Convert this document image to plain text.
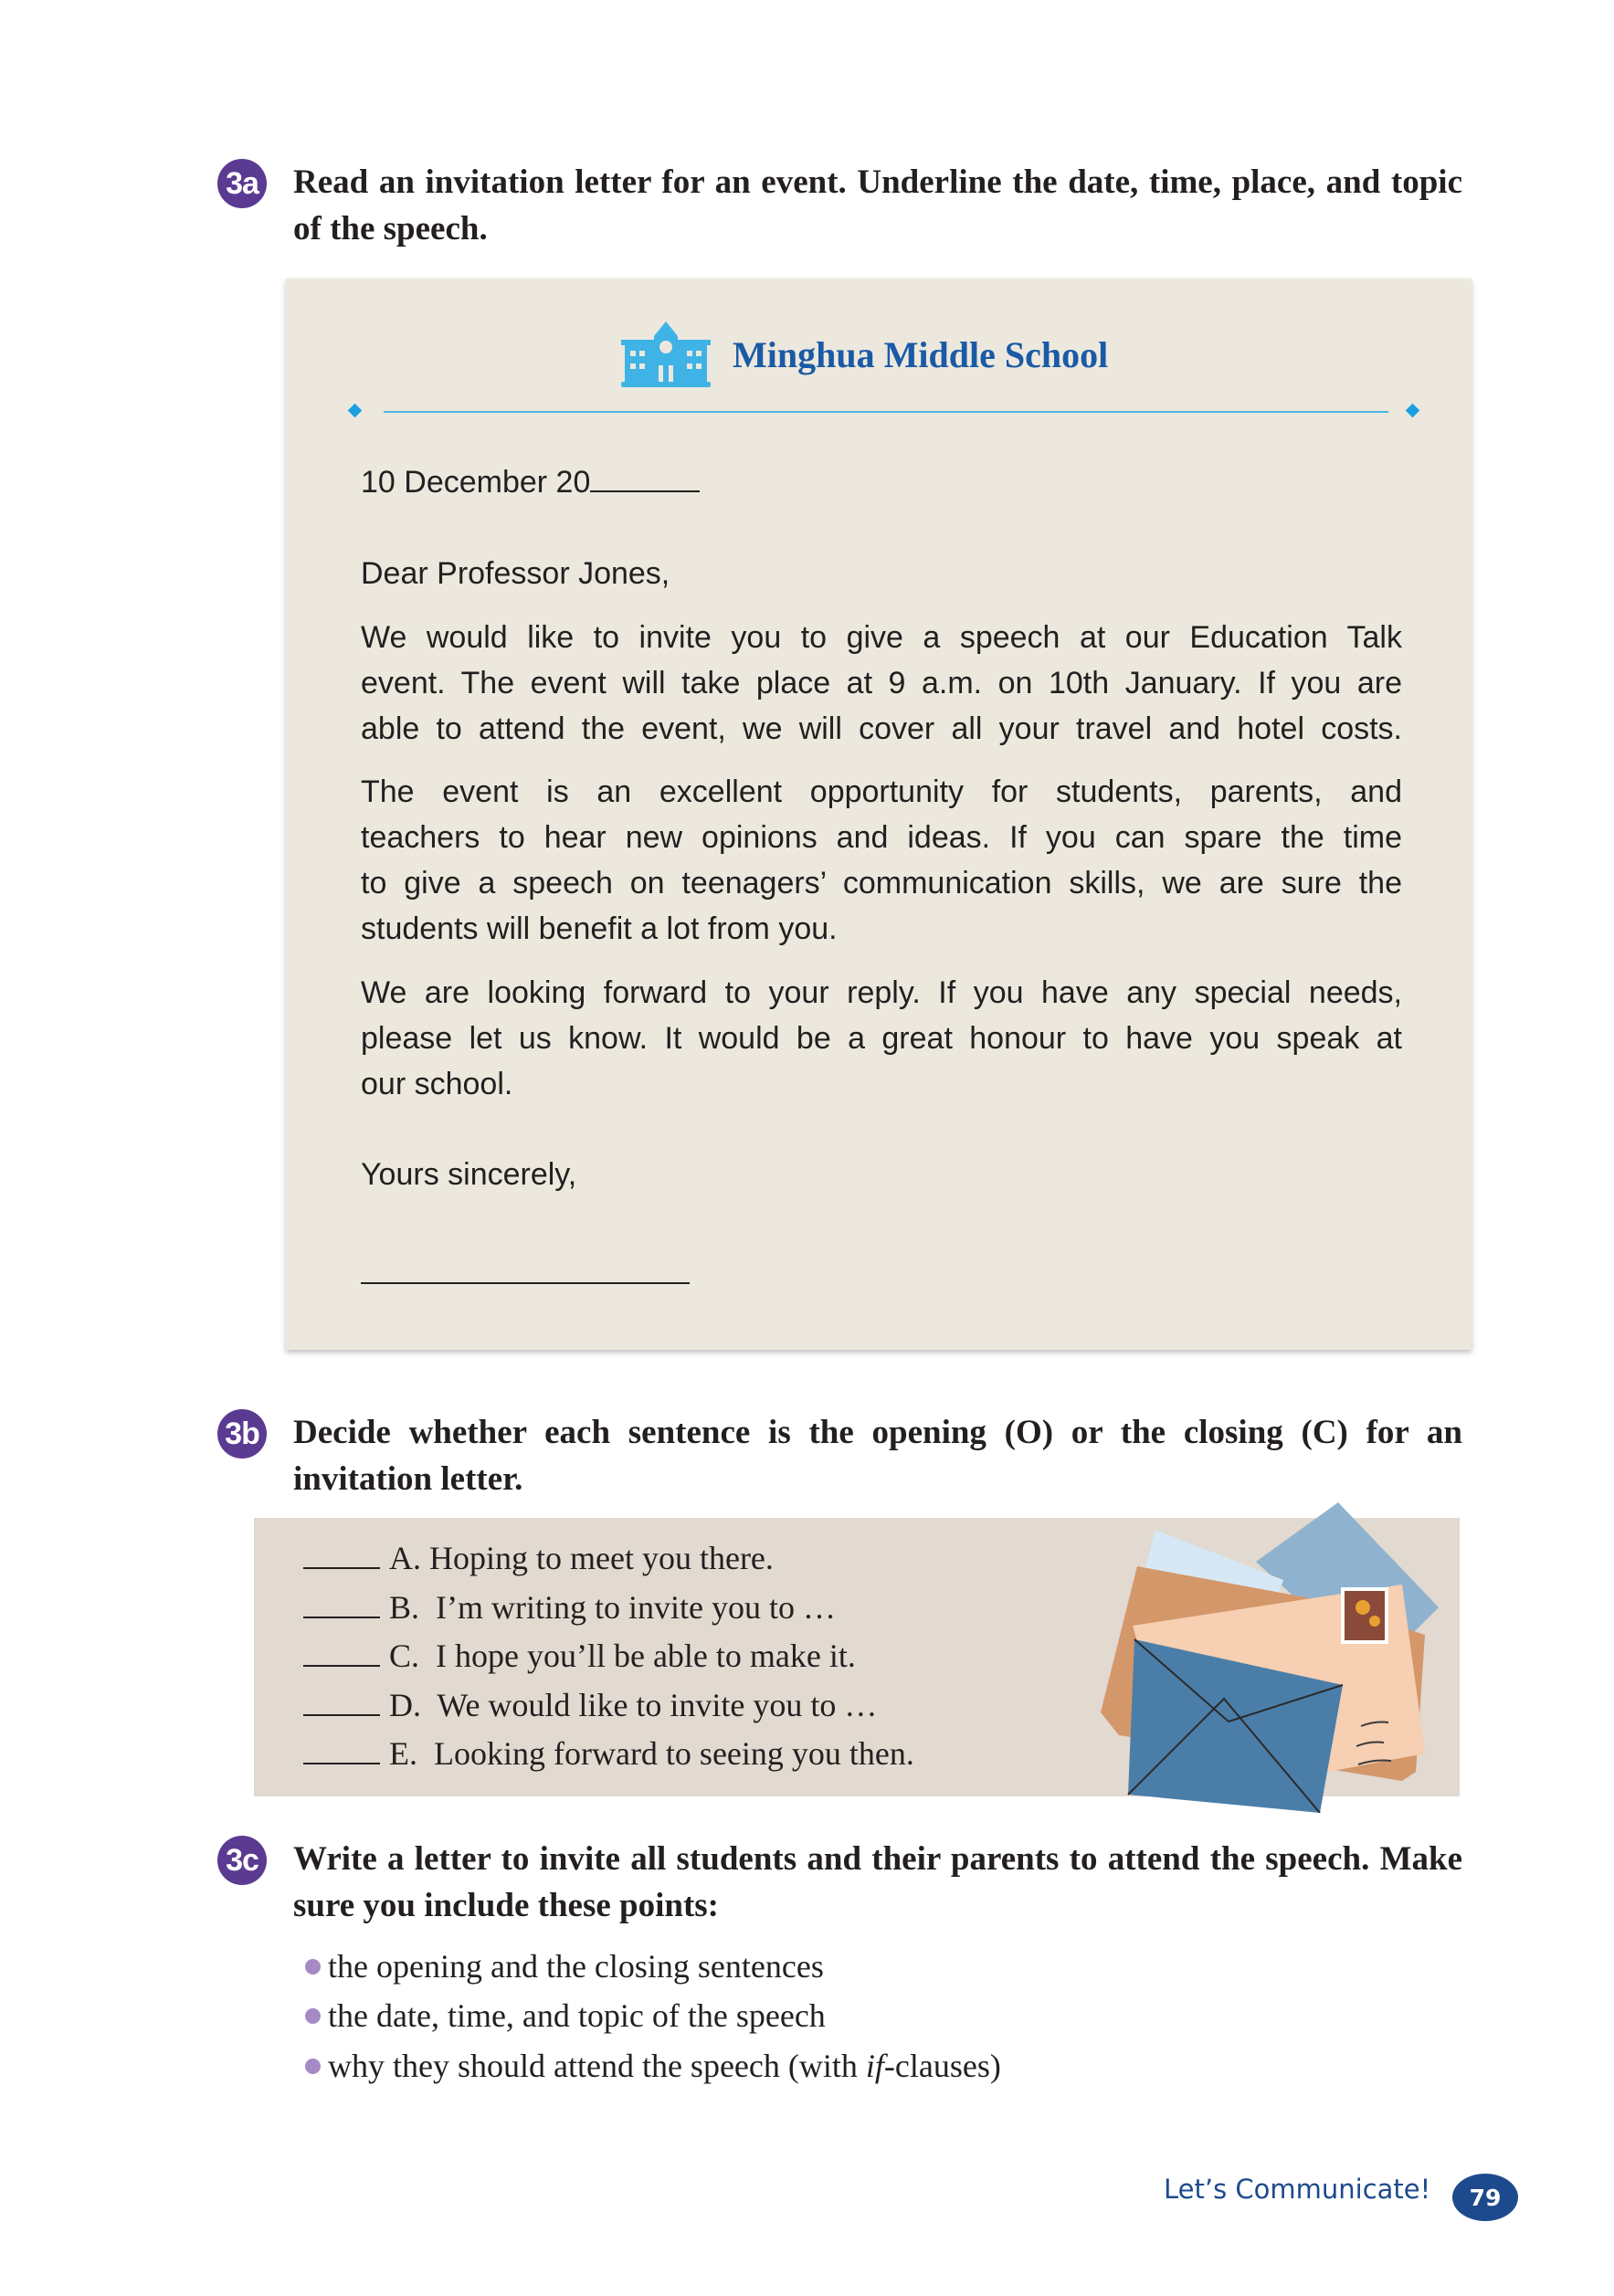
3a Read an invitation letter for an event. Underline the date, time, place, and topic of the speech.
Minghua Middle School
10 December 20
Dear Professor Jones,
We would like to invite you to give a speech at our Education Talk
event. The event will take place at 9 a.m. on 10th January. If you are
able to attend the event, we will cover all your travel and hotel costs.
The event is an excellent opportunity for students, parents, and
teachers to hear new opinions and ideas. If you can spare the time
to give a speech on teenagers’ communication skills, we are sure the
students will benefit a lot from you.
We are looking forward to your reply. If you have any special needs,
please let us know. It would be a great honour to have you speak at
our school.
Yours sincerely,
3b Decide whether each sentence is the opening (O) or the closing (C) for an invitation letter.
A. Hoping to meet you there.
B. I’m writing to invite you to …
C. I hope you’ll be able to make it.
D. We would like to invite you to …
E. Looking forward to seeing you then.
3c Write a letter to invite all students and their parents to attend the speech. Make sure you include these points:
the opening and the closing sentences
the date, time, and topic of the speech
why they should attend the speech (with if-clauses)
Let’s Communicate!	79
